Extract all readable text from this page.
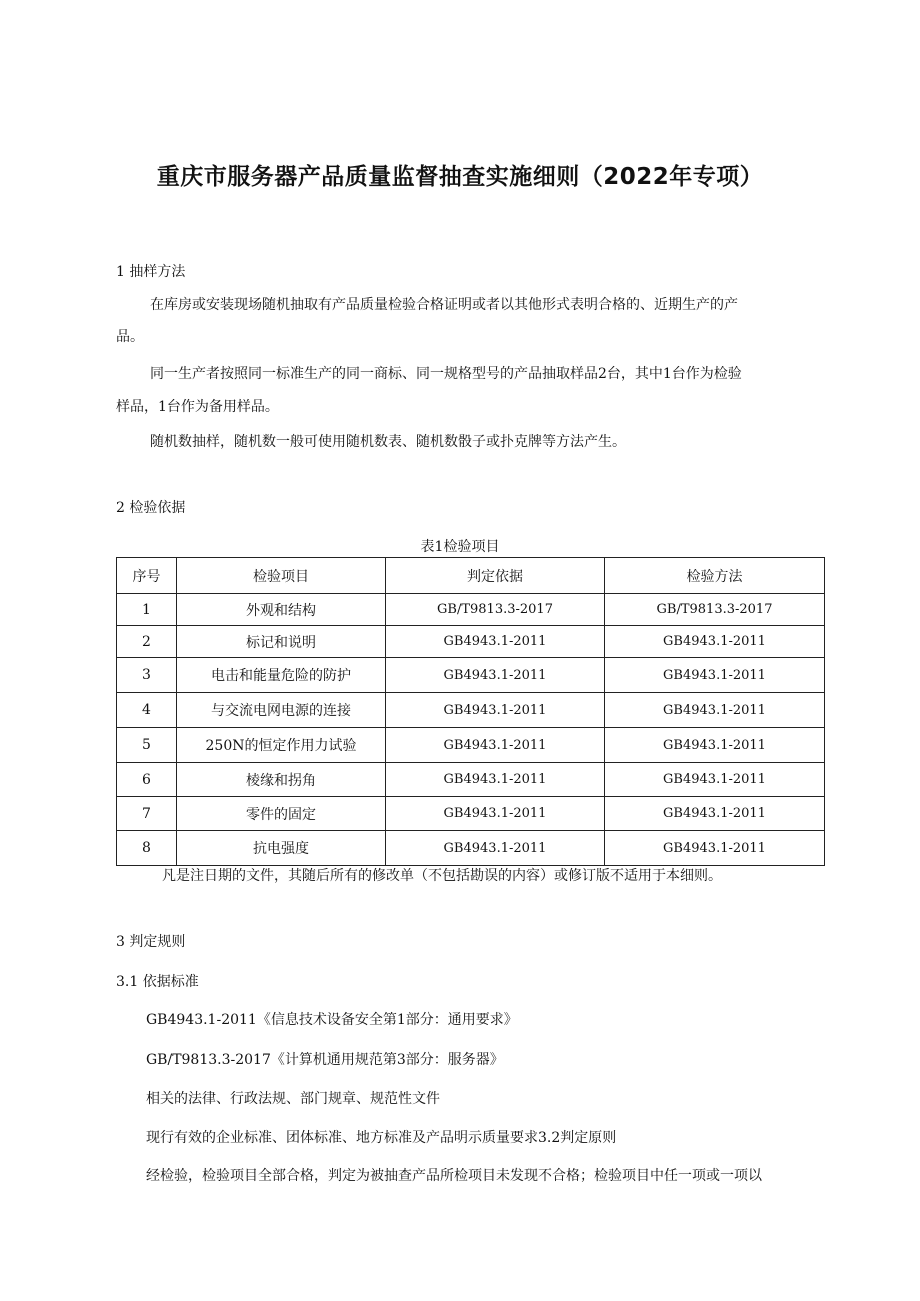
重庆市服务器产品质量监督抽查实施细则（2022年专项）

1 抽样方法

在库房或安装现场随机抽取有产品质量检验合格证明或者以其他形式表明合格的、近期生产的产

品。

同一生产者按照同一标准生产的同一商标、同一规格型号的产品抽取样品2台，其中1台作为检验

样品，1台作为备用样品。

随机数抽样，随机数一般可使用随机数表、随机数骰子或扑克牌等方法产生。

2 检验依据

表1检验项目
序号	检验项目	判定依据	检验方法
1	外观和结构	GB/T9813.3-2017	GB/T9813.3-2017
2	标记和说明	GB4943.1-2011	GB4943.1-2011
3	电击和能量危险的防护	GB4943.1-2011	GB4943.1-2011
4	与交流电网电源的连接	GB4943.1-2011	GB4943.1-2011
5	250N的恒定作用力试验	GB4943.1-2011	GB4943.1-2011
6	棱缘和拐角	GB4943.1-2011	GB4943.1-2011
7	零件的固定	GB4943.1-2011	GB4943.1-2011
8	抗电强度	GB4943.1-2011	GB4943.1-2011

凡是注日期的文件，其随后所有的修改单（不包括勘误的内容）或修订版不适用于本细则。

3 判定规则

3.1 依据标准

GB4943.1-2011《信息技术设备安全第1部分：通用要求》

GB/T9813.3-2017《计算机通用规范第3部分：服务器》

相关的法律、行政法规、部门规章、规范性文件

现行有效的企业标准、团体标准、地方标准及产品明示质量要求3.2判定原则

经检验，检验项目全部合格，判定为被抽查产品所检项目未发现不合格；检验项目中任一项或一项以
